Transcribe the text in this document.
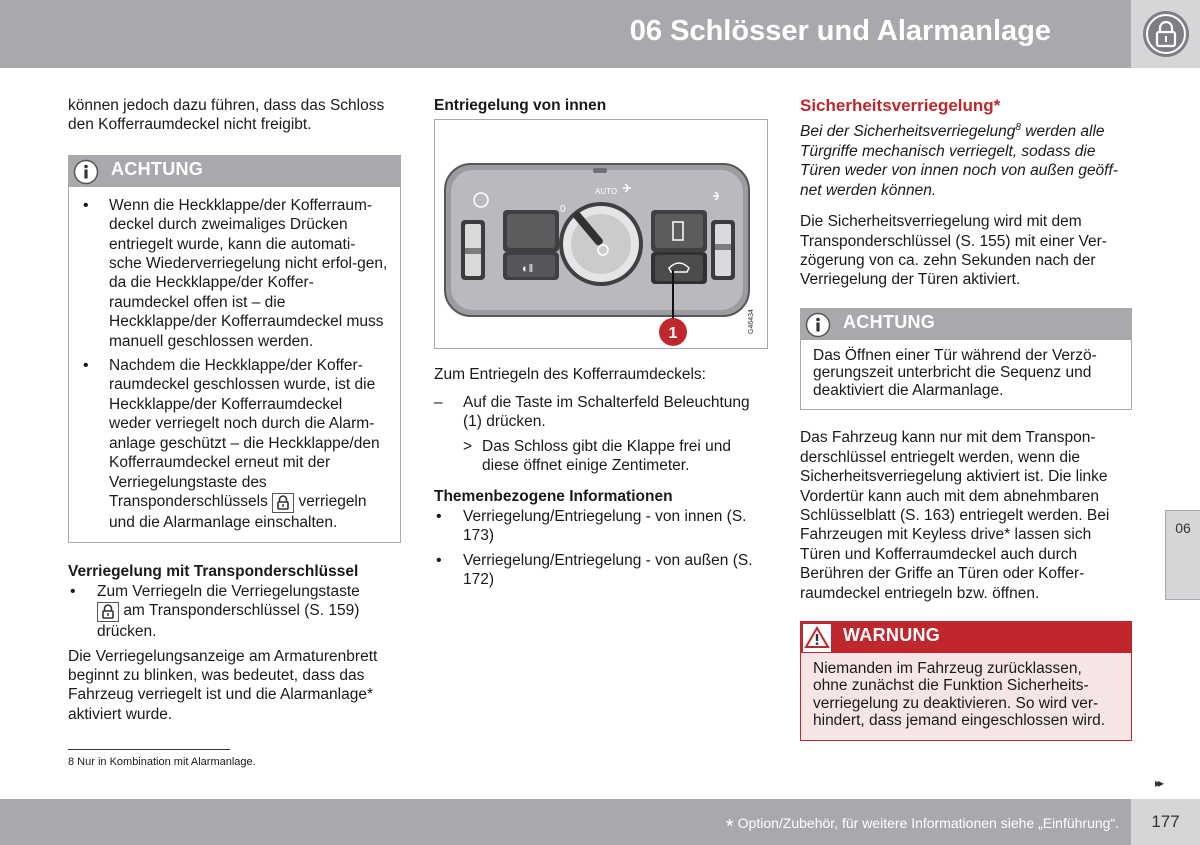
06 Schlösser und Alarmanlage
können jedoch dazu führen, dass das Schloss den Kofferraumdeckel nicht freigibt.
ACHTUNG
• Wenn die Heckklappe/der Kofferraum-deckel durch zweimaliges Drücken entriegelt wurde, kann die automati-sche Wiederverriegelung nicht erfol-gen, da die Heckklappe/der Koffer-raumdeckel offen ist – die Heckklappe/der Kofferraumdeckel muss manuell geschlossen werden.
• Nachdem die Heckklappe/der Koffer-raumdeckel geschlossen wurde, ist die Heckklappe/der Kofferraumdeckel weder verriegelt noch durch die Alarm-anlage geschützt – die Heckklappe/den Kofferraumdeckel erneut mit der Verriegelungstaste des Transponderschlüssels verriegeln und die Alarmanlage einschalten.
Verriegelung mit Transponderschlüssel
• Zum Verriegeln die Verriegelungstaste
am Transponderschlüssel (S. 159) drücken.
Die Verriegelungsanzeige am Armaturenbrett beginnt zu blinken, was bedeutet, dass das Fahrzeug verriegelt ist und die Alarmanlage* aktiviert wurde.
Entriegelung von innen
AUTO
0
◐‖
1	G46434
Zum Entriegeln des Kofferraumdeckels:
– Auf die Taste im Schalterfeld Beleuchtung (1) drücken.
> Das Schloss gibt die Klappe frei und diese öffnet einige Zentimeter.
Themenbezogene Informationen
• Verriegelung/Entriegelung - von innen (S. 173)
• Verriegelung/Entriegelung - von außen (S. 172)
Sicherheitsverriegelung*
Bei der Sicherheitsverriegelung$^8$ werden alle Türgriffe mechanisch verriegelt, sodass die Türen weder von innen noch von außen geöff-net werden können.
Die Sicherheitsverriegelung wird mit dem Transponderschlüssel (S. 155) mit einer Ver-zögerung von ca. zehn Sekunden nach der Verriegelung der Türen aktiviert.
ACHTUNG
Das Öffnen einer Tür während der Verzö-gerungszeit unterbricht die Sequenz und deaktiviert die Alarmanlage.
Das Fahrzeug kann nur mit dem Transpon-derschlüssel entriegelt werden, wenn die Sicherheitsverriegelung aktiviert ist. Die linke Vordertür kann auch mit dem abnehmbaren Schlüsselblatt (S. 163) entriegelt werden. Bei Fahrzeugen mit Keyless drive* lassen sich Türen und Kofferraumdeckel auch durch Berühren der Griffe an Türen oder Koffer-raumdeckel entriegeln bzw. öffnen.
WARNUNG
Niemanden im Fahrzeug zurücklassen, ohne zunächst die Funktion Sicherheits-verriegelung zu deaktivieren. So wird ver-hindert, dass jemand eingeschlossen wird.
8 Nur in Kombination mit Alarmanlage.
06
▸▸
* Option/Zubehör, für weitere Informationen siehe „Einführung“.	177
